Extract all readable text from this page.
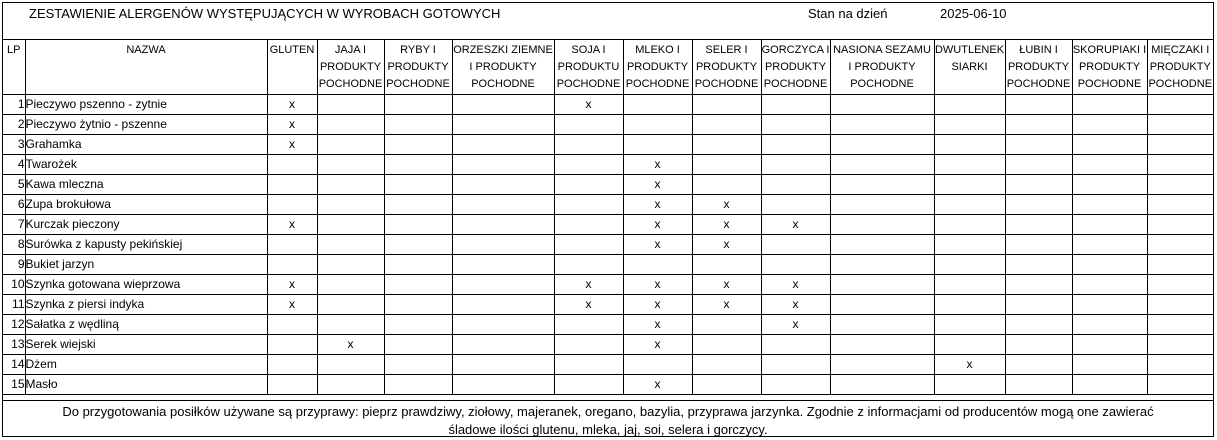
ZESTAWIENIE ALERGENÓW WYSTĘPUJĄCYCH W WYROBACH GOTOWYCH	Stan na dzień	2025-06-10
LP	NAZWA	GLUTEN	JAJA I PRODUKTY POCHODNE	RYBY I PRODUKTY POCHODNE	ORZESZKI ZIEMNE I PRODUKTY POCHODNE	SOJA I PRODUKTU POCHODNE	MLEKO I PRODUKTY POCHODNE	SELER I PRODUKTY POCHODNE	GORCZYCA I PRODUKTY POCHODNE	NASIONA SEZAMU I PRODUKTY POCHODNE	DWUTLENEK SIARKI	ŁUBIN I PRODUKTY POCHODNE	SKORUPIAKI I PRODUKTY POCHODNE	MIĘCZAKI I PRODUKTY POCHODNE
1	Pieczywo pszenno - zytnie	x				x								
2	Pieczywo żytnio - pszenne	x												
3	Grahamka	x												
4	Twarożek						x							
5	Kawa mleczna						x							
6	Zupa brokułowa						x	x						
7	Kurczak pieczony	x					x	x	x					
8	Surówka z kapusty pekińskiej						x	x						
9	Bukiet jarzyn													
10	Szynka gotowana wieprzowa	x				x	x	x	x					
11	Szynka z piersi indyka	x				x	x	x	x					
12	Sałatka z wędliną						x		x					
13	Serek wiejski		x				x							
14	Dżem										x			
15	Masło						x							
Do przygotowania posiłków używane są przyprawy: pieprz prawdziwy, ziołowy, majeranek, oregano, bazylia, przyprawa jarzynka. Zgodnie z informacjami od producentów mogą one zawierać
śladowe ilości glutenu, mleka, jaj, soi, selera i gorczycy.
